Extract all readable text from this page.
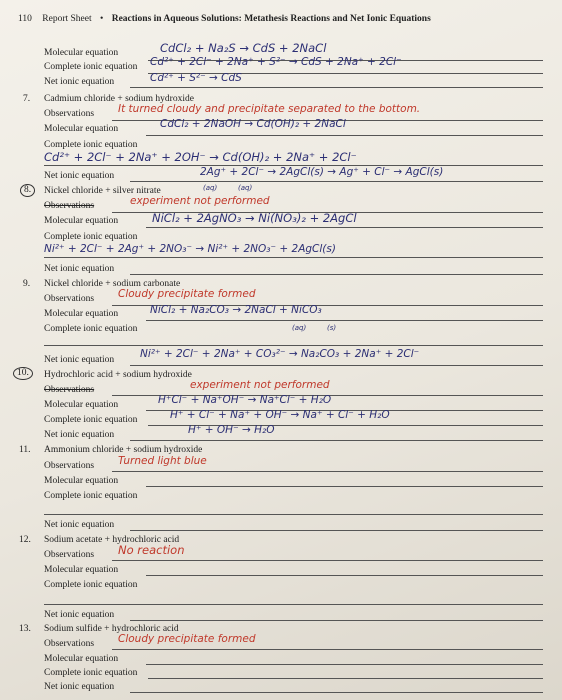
110 Report Sheet • Reactions in Aqueous Solutions: Metathesis Reactions and Net Ionic Equations
Molecular equation	CdCl₂ + Na₂S → CdS + 2NaCl
Complete ionic equation Cd²⁺ + 2Cl⁻ + 2Na⁺ + S²⁻ → CdS + 2Na⁺ + 2Cl⁻
Net ionic equation	Cd²⁺ + S²⁻ → CdS
7. Cadmium chloride + sodium hydroxide
Observations It turned cloudy and precipitate separated to the bottom.
Molecular equation	CdCl₂ + 2NaOH → Cd(OH)₂ + 2NaCl
Complete ionic equation
Cd²⁺ + 2Cl⁻ + 2Na⁺ + 2OH⁻ → Cd(OH)₂ + 2Na⁺ + 2Cl⁻
Net ionic equation	2Ag⁺ + 2Cl⁻ → 2AgCl(s) → Ag⁺ + Cl⁻ → AgCl(s)
8.	Nickel chloride + silver nitrate	(aq)	(aq)
Observations	experiment not performed
Molecular equation	NiCl₂ + 2AgNO₃ → Ni(NO₃)₂ + 2AgCl
Complete ionic equation
Ni²⁺ + 2Cl⁻ + 2Ag⁺ + 2NO₃⁻ → Ni²⁺ + 2NO₃⁻ + 2AgCl(s)
Net ionic equation
9. Nickel chloride + sodium carbonate
Observations Cloudy precipitate formed
Molecular equation	NiCl₂ + Na₂CO₃ → 2NaCl + NiCO₃
Complete ionic equation	(aq)	(s)
Net ionic equation Ni²⁺ + 2Cl⁻ + 2Na⁺ + CO₃²⁻ → Na₂CO₃ + 2Na⁺ + 2Cl⁻
10.	Hydrochloric acid + sodium hydroxide
Observations	experiment not performed
Molecular equation	H⁺Cl⁻ + Na⁺OH⁻ → Na⁺Cl⁻ + H₂O
Complete ionic equation	H⁺ + Cl⁻ + Na⁺ + OH⁻ → Na⁺ + Cl⁻ + H₂O
Net ionic equation	H⁺ + OH⁻ → H₂O
11. Ammonium chloride + sodium hydroxide
Observations Turned light blue
Molecular equation
Complete ionic equation
Net ionic equation
12. Sodium acetate + hydrochloric acid
Observations No reaction
Molecular equation
Complete ionic equation
Net ionic equation
13. Sodium sulfide + hydrochloric acid
Observations Cloudy precipitate formed
Molecular equation
Complete ionic equation
Net ionic equation
